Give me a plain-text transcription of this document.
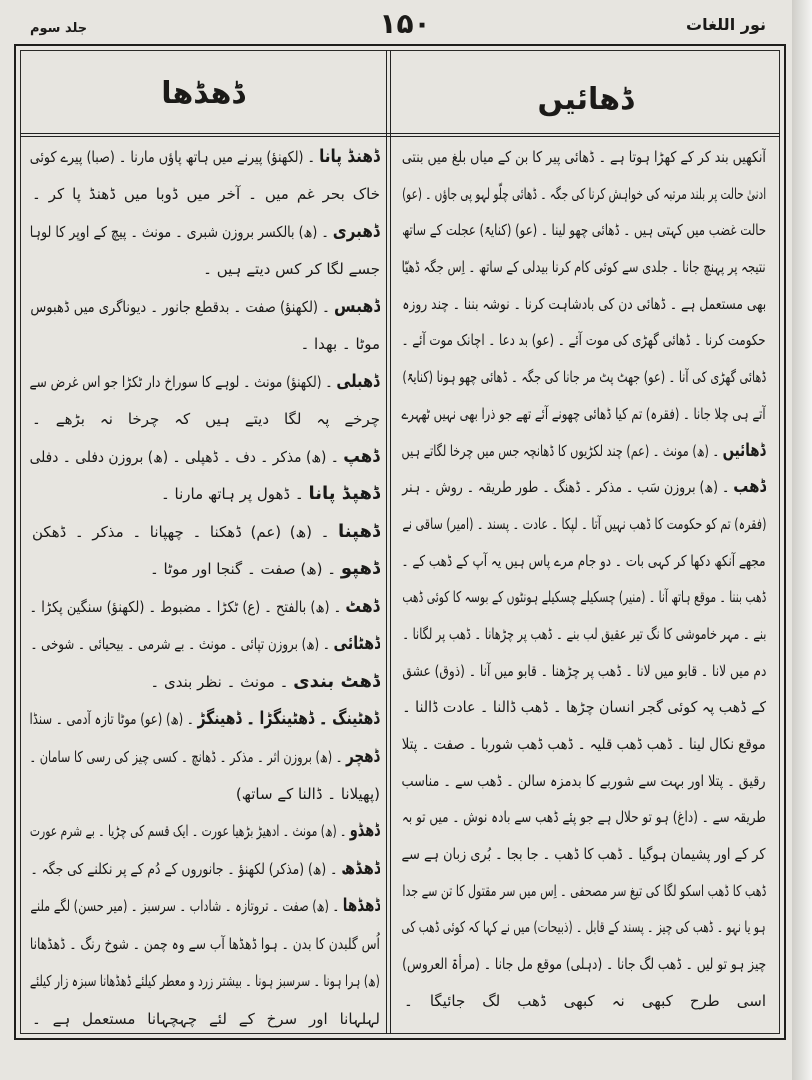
۱۵۰	نور اللغات
جلد سوم
ڈھائیں
ڈھڈھا
آنکھیں بند کر کے کھڑا ہوتا ہے ۔ ڈھائی پیر کا بن کے میاں بلغ میں بنتی
ادنیٰ حالت پر بلند مرتبہ کی خواہش کرنا کی جگہ ۔ ڈھائی چلّو لہو پی جاؤں ۔ (عو)
حالت غضب میں کہتی ہیں ۔ ڈھائی چھو لینا ۔ (عو) (کنایۃً) عجلت کے ساتھ
نتیجہ پر پہنچ جانا ۔ جلدی سے کوئی کام کرنا بیدلی کے ساتھ ۔ اِس جگہ ڈھیّا
بھی مستعمل ہے ۔ ڈھائی دن کی بادشاہت کرنا ۔ نوشہ بننا ۔ چند روزہ
حکومت کرنا ۔ ڈھائی گھڑی کی موت آئے ۔ (عو) بد دعا ۔ اچانک موت آئے ۔
ڈھائی گھڑی کی آنا ۔ (عو) جھٹ پٹ مر جانا کی جگہ ۔ ڈھائی چھو ہونا (کنایۃً)
آتے ہی چلا جانا ۔ (فقرہ) تم کیا ڈھائی چھونے آئے تھے جو ذرا بھی نہیں ٹھہرے
ڈھائیں ۔ (ھ) مونث ۔ (عم) چند لکڑیوں کا ڈھانچہ جس میں چرخا لگاتے ہیں
ڈھب ۔ (ھ) بروزن سَب ۔ مذکر ۔ ڈھنگ ۔ طور طریقہ ۔ روش ۔ ہنر
(فقرہ) تم کو حکومت کا ڈھب نہیں آتا ۔ لپکا ۔ عادت ۔ پسند ۔ (امیر) ساقی نے
مجھے آنکھ دکھا کر کہی بات ۔ دو جام مرے پاس ہیں یہ آپ کے ڈھب کے ۔
ڈھب بننا ۔ موقع ہاتھ آنا ۔ (منیر) چسکیلے چسکیلے ہونٹوں کے بوسہ کا کوئی ڈھب
بنے ۔ مہر خاموشی کا نگ تیر عقیق لب بنے ۔ ڈھب پر چڑھانا ۔ ڈھب پر لگانا ۔
دم میں لانا ۔ قابو میں لانا ۔ ڈھب پر چڑھنا ۔ قابو میں آنا ۔ (ذوق) عشق
کے ڈھب پہ کوئی گجر انسان چڑھا ۔ ڈھب ڈالنا ۔ عادت ڈالنا ۔
موقع نکال لینا ۔ ڈھب ڈھب قلیہ ۔ ڈھب ڈھب شوربا ۔ صفت ۔ پتلا
رقیق ۔ پتلا اور بہت سے شوربے کا بدمزہ سالن ۔ ڈھب سے ۔ مناسب
طریقہ سے ۔ (داغ) ہو تو حلال ہے جو پئے ڈھب سے بادہ نوش ۔ میں تو بہ
کر کے اور پشیمان ہوگیا ۔ ڈھب کا ڈھب ۔ جا بجا ۔ بُری زبان ہے سے
ڈھب کا ڈھب اسکو لگا کی تیغ سر مصحفی ۔ اِس میں سر مقتول کا تن سے جدا
ہو یا نہو ۔ ڈھب کی چیز ۔ پسند کے قابل ۔ (ذبیحات) میں نے کہا کہ کوئی ڈھب کی
چیز ہو تو لیں ۔ ڈھب لگ جانا ۔ (دہلی) موقع مل جانا ۔ (مرأۃ العروس)
اسی طرح کبھی نہ کبھی ڈھب لگ جائیگا ۔
ڈھنڈ پانا ۔ (لکھنؤ) پیرنے میں ہاتھ پاؤں مارنا ۔ (صبا) پیرے کوئی
خاک بحر غم میں ۔ آخر میں ڈوبا میں ڈھنڈ پا کر ۔
ڈھبری ۔ (ھ) بالکسر بروزن شبری ۔ مونث ۔ پیچ کے اوپر کا لوہا
جسے لگا کر کس دیتے ہیں ۔
ڈھبس ۔ (لکھنؤ) صفت ۔ بدقطع جانور ۔ دیوناگری میں ڈھبوس
موٹا ۔ بھدا ۔
ڈھبلی ۔ (لکھنؤ) مونث ۔ لوہے کا سوراخ دار ٹکڑا جو اس غرض سے
چرخے پہ لگا دیتے ہیں کہ چرخا نہ بڑھے ۔
ڈھپ ۔ (ھ) مذکر ۔ دف ۔ ڈھپلی ۔ (ھ) بروزن دفلی ۔ دفلی
ڈھپڈ پانا ۔ ڈھول پر ہاتھ مارنا ۔
ڈھپنا ۔ (ھ) (عم) ڈھکنا ۔ چھپانا ۔ مذکر ۔ ڈھکن
ڈھپو ۔ (ھ) صفت ۔ گنجا اور موٹا ۔
ڈھٹ ۔ (ھ) بالفتح ۔ (ع) ٹکڑا ۔ مضبوط ۔ (لکھنؤ) سنگین پکڑا ۔
ڈھٹائی ۔ (ھ) بروزن تپائی ۔ مونث ۔ بے شرمی ۔ بیحیائی ۔ شوخی ۔
ڈھٹ بندی ۔ مونث ۔ نظر بندی ۔
ڈھٹینگ ۔ ڈھٹینگڑا ۔ ڈھینگڑ ۔ (ھ) (عو) موٹا تازہ آدمی ۔ سنڈا
ڈھچر ۔ (ھ) بروزن اثر ۔ مذکر ۔ ڈھانچ ۔ کسی چیز کی رسی کا سامان ۔
(پھیلانا ۔ ڈالنا کے ساتھ)
ڈھڈو ۔ (ھ) مونث ۔ ادھیڑ بڑھیا عورت ۔ ایک قسم کی چڑیا ۔ بے شرم عورت
ڈھڈھ ۔ (ھ) (مذکر) لکھنؤ ۔ جانوروں کے دُم کے پر نکلنے کی جگہ ۔
ڈھڈھا ۔ (ھ) صفت ۔ تروتازہ ۔ شاداب ۔ سرسبز ۔ (میر حسن) لگے ملنے
اُس گلبدن کا بدن ۔ ہوا ڈھڈھا آب سے وہ چمن ۔ شوخ رنگ ۔ ڈھڈھانا
(ھ) ہرا ہونا ۔ سرسبز ہونا ۔ بیشتر زرد و معطر کیلئے ڈھڈھانا سبزہ زار کیلئے
لہلہانا اور سرخ کے لئے چہچہانا مستعمل ہے ۔
